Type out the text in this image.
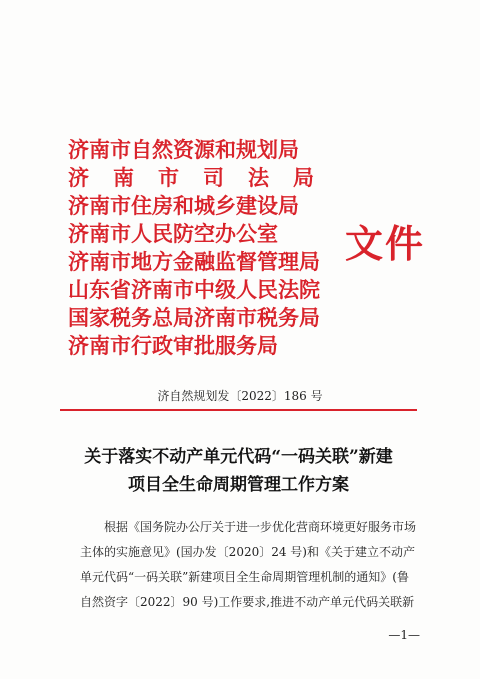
济南市自然资源和规划局
济南市司法局
济南市住房和城乡建设局
济南市人民防空办公室
济南市地方金融监督管理局
山东省济南市中级人民法院
国家税务总局济南市税务局
济南市行政审批服务局
文件
济自然规划发〔2022〕186 号
关于落实不动产单元代码“一码关联”新建
项目全生命周期管理工作方案
根据《国务院办公厅关于进一步优化营商环境更好服务市场
主体的实施意见》(国办发〔2020〕24 号)和《关于建立不动产
单元代码“一码关联”新建项目全生命周期管理机制的通知》(鲁
自然资字〔2022〕90 号)工作要求,推进不动产单元代码关联新
—1—
